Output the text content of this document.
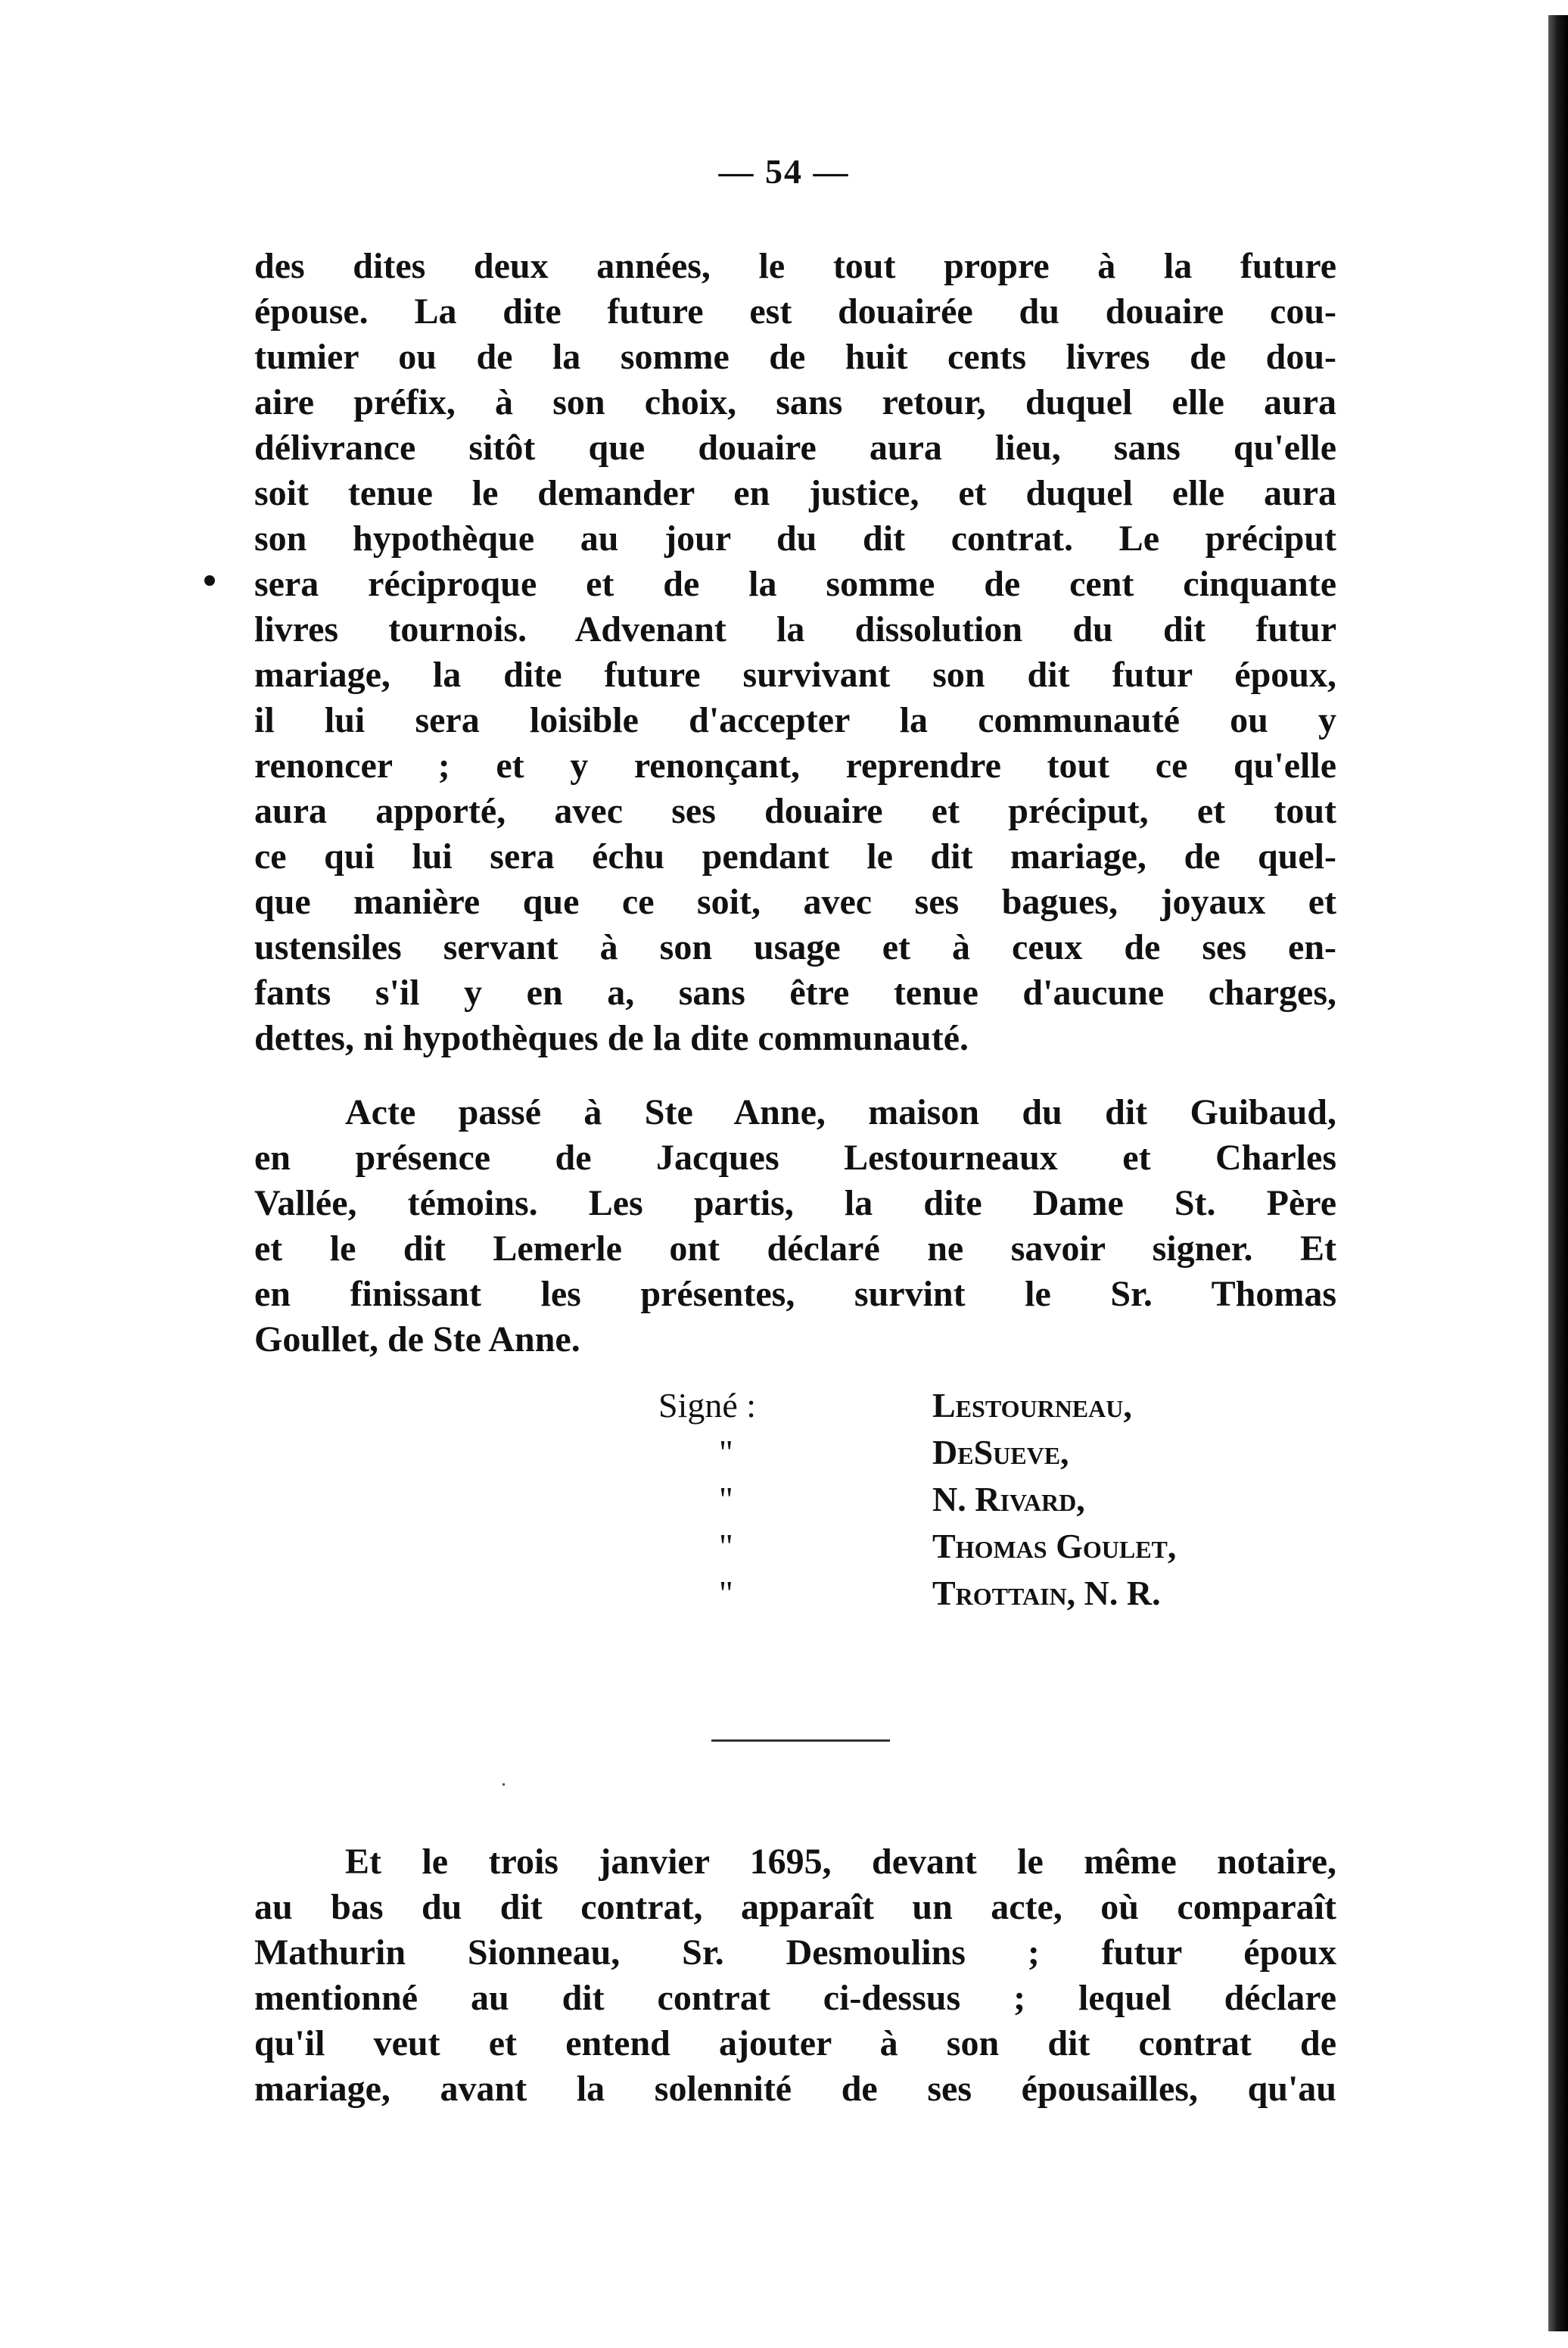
— 54 —
des dites deux années, le tout propre à la future
épouse. La dite future est douairée du douaire cou-
tumier ou de la somme de huit cents livres de dou-
aire préfix, à son choix, sans retour, duquel elle aura
délivrance sitôt que douaire aura lieu, sans qu'elle
soit tenue le demander en justice, et duquel elle aura
son hypothèque au jour du dit contrat. Le préciput
sera réciproque et de la somme de cent cinquante
livres tournois. Advenant la dissolution du dit futur
mariage, la dite future survivant son dit futur époux,
il lui sera loisible d'accepter la communauté ou y
renoncer ; et y renonçant, reprendre tout ce qu'elle
aura apporté, avec ses douaire et préciput, et tout
ce qui lui sera échu pendant le dit mariage, de quel-
que manière que ce soit, avec ses bagues, joyaux et
ustensiles servant à son usage et à ceux de ses en-
fants s'il y en a, sans être tenue d'aucune charges,
dettes, ni hypothèques de la dite communauté.
Acte passé à Ste Anne, maison du dit Guibaud,
en présence de Jacques Lestourneaux et Charles
Vallée, témoins. Les partis, la dite Dame St. Père
et le dit Lemerle ont déclaré ne savoir signer. Et
en finissant les présentes, survint le Sr. Thomas
Goullet, de Ste Anne.
Signé :	Lestourneau,
"	DeSueve,
"	N. Rivard,
"	Thomas Goulet,
"	Trottain, N. R.
Et le trois janvier 1695, devant le même notaire,
au bas du dit contrat, apparaît un acte, où comparaît
Mathurin Sionneau, Sr. Desmoulins ; futur époux
mentionné au dit contrat ci-dessus ; lequel déclare
qu'il veut et entend ajouter à son dit contrat de
mariage, avant la solennité de ses épousailles, qu'au
